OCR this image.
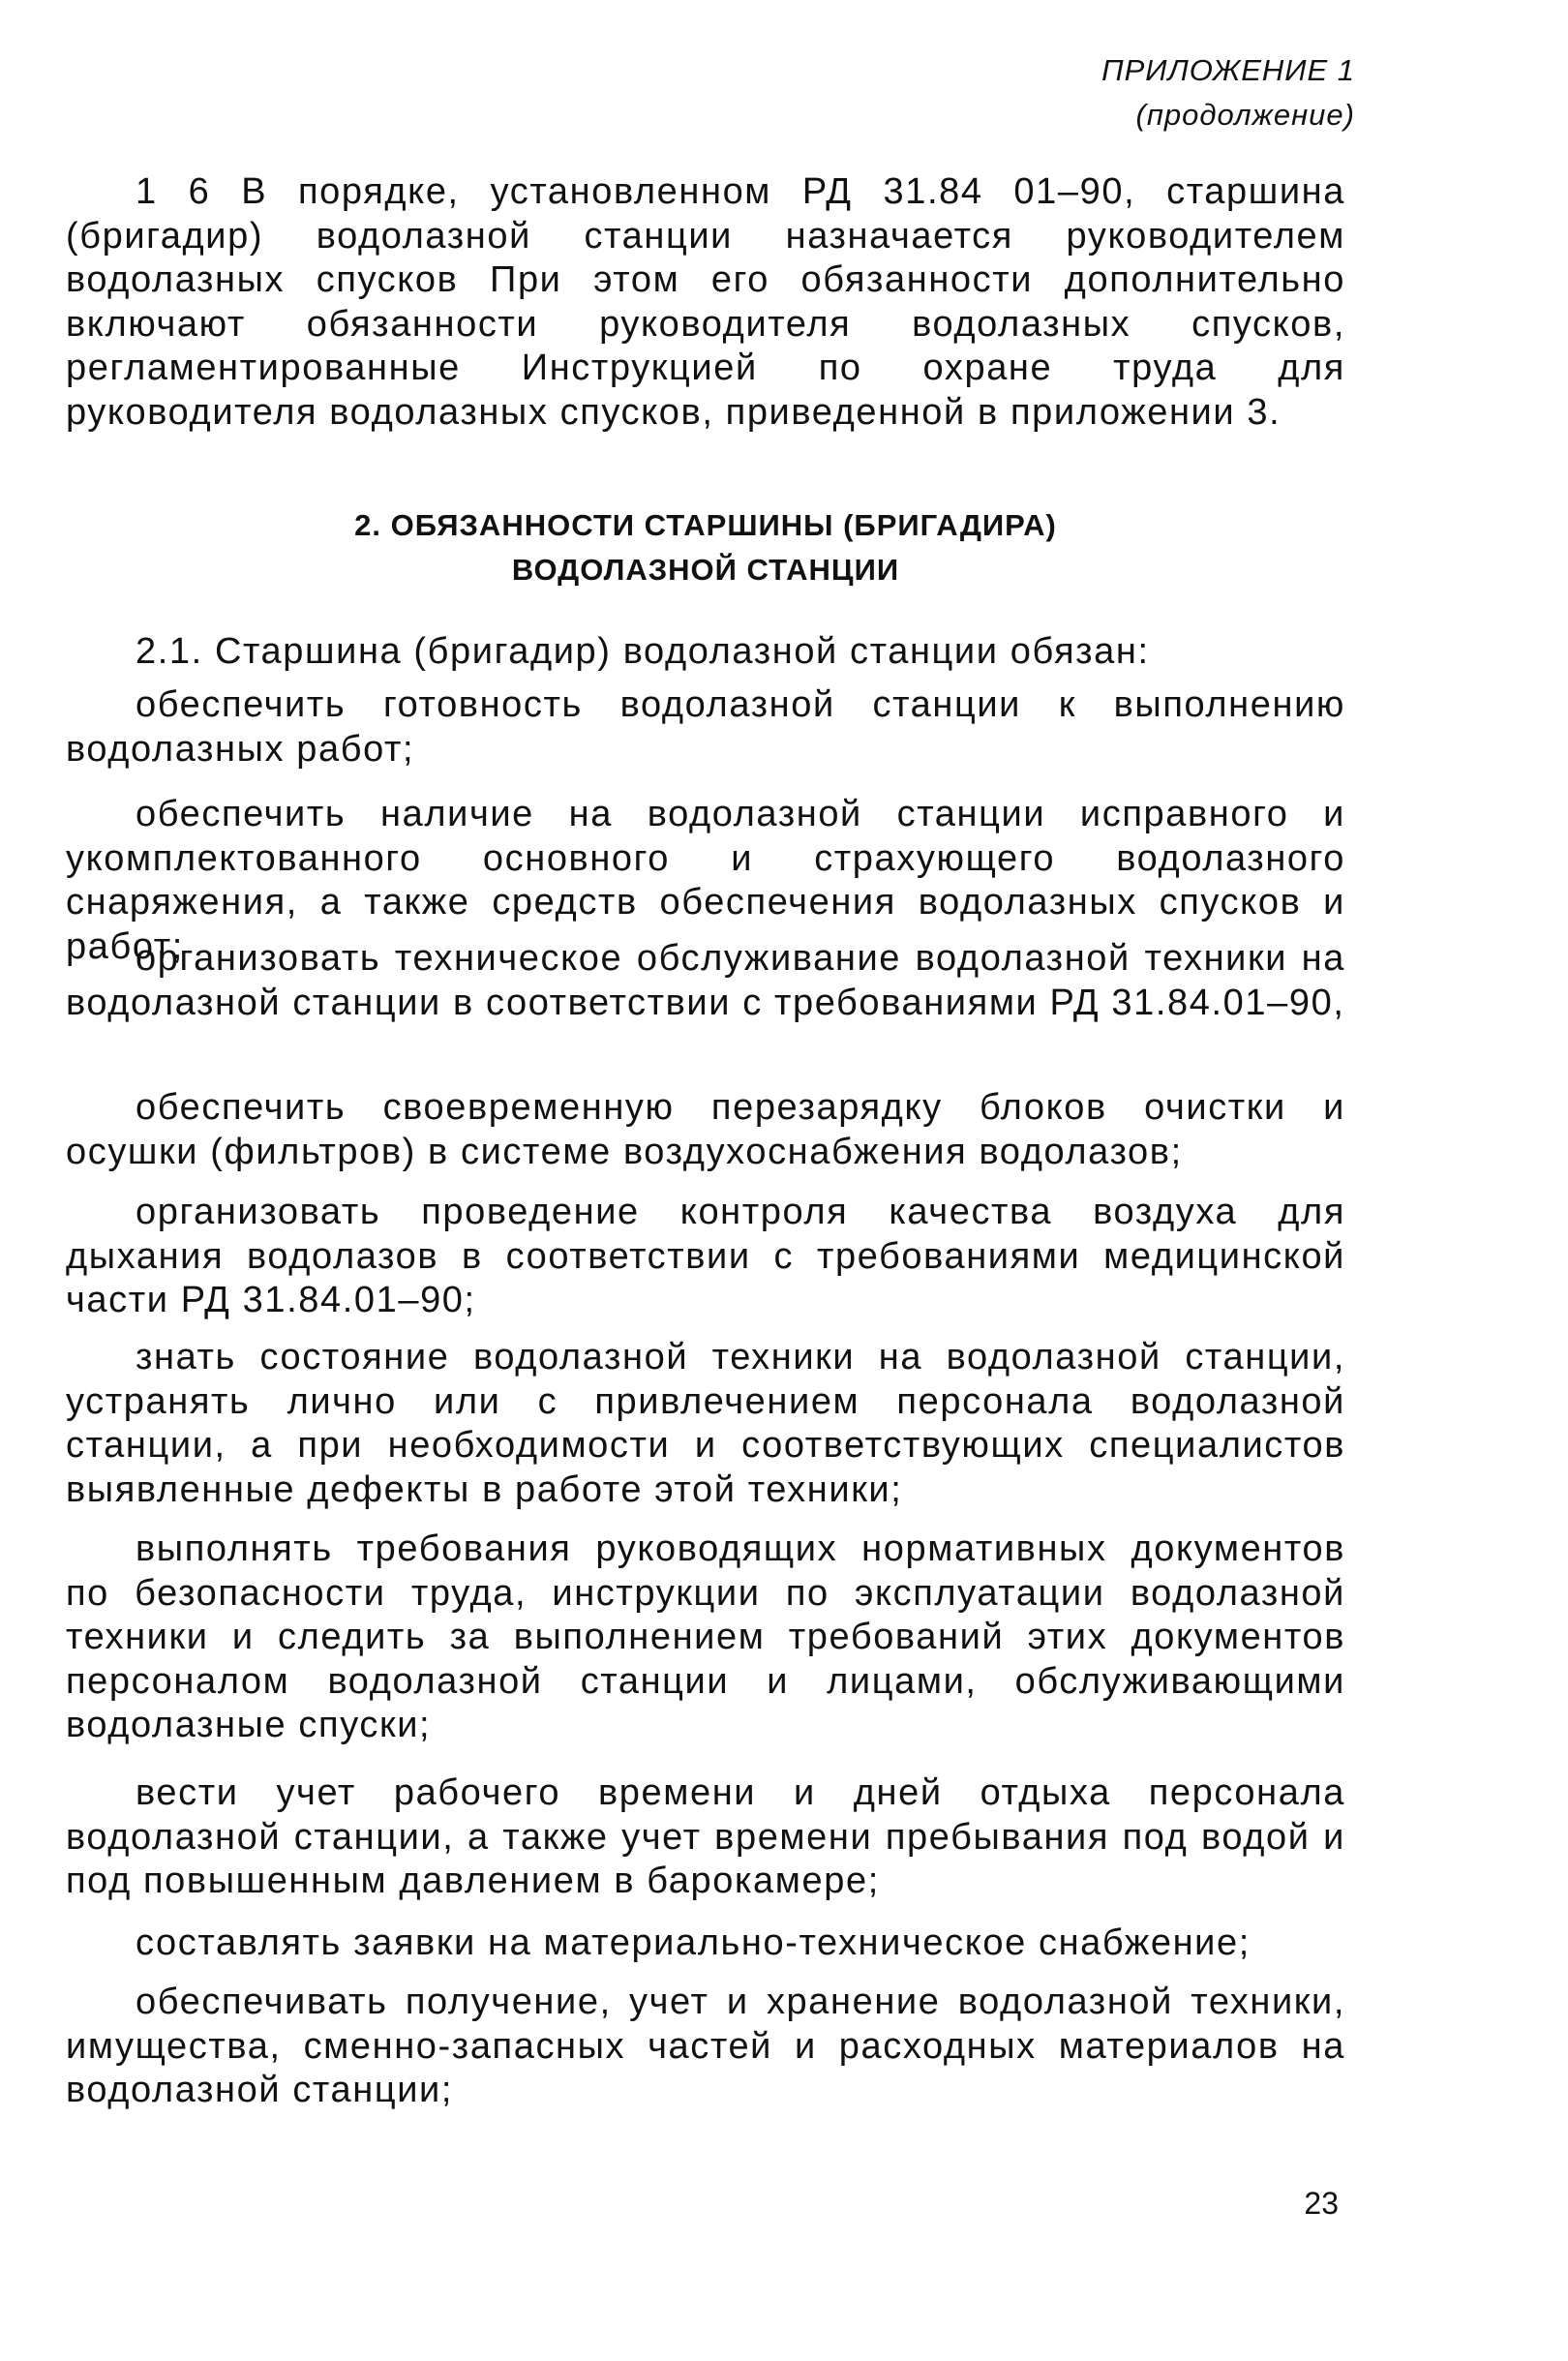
ПРИЛОЖЕНИЕ 1
(продолжение)

1 6 В порядке, установленном РД 31.84 01–90, старшина (бригадир) водолазной станции назначается руководителем водолазных спусков При этом его обязанности дополнительно включают обязанности руководителя водолазных спусков, регламентированные Инструкцией по охране труда для руководителя водолазных спусков, приведенной в приложении 3.

2. ОБЯЗАННОСТИ СТАРШИНЫ (БРИГАДИРА)
ВОДОЛАЗНОЙ СТАНЦИИ

2.1. Старшина (бригадир) водолазной станции обязан:

обеспечить готовность водолазной станции к выполнению водолазных работ;

обеспечить наличие на водолазной станции исправного и укомплектованного основного и страхующего водолазного снаряжения, а также средств обеспечения водолазных спусков и работ;

организовать техническое обслуживание водолазной техники на водолазной станции в соответствии с требованиями РД 31.84.01–90,

обеспечить своевременную перезарядку блоков очистки и осушки (фильтров) в системе воздухоснабжения водолазов;

организовать проведение контроля качества воздуха для дыхания водолазов в соответствии с требованиями медицинской части РД 31.84.01–90;

знать состояние водолазной техники на водолазной станции, устранять лично или с привлечением персонала водолазной станции, а при необходимости и соответствующих специалистов выявленные дефекты в работе этой техники;

выполнять требования руководящих нормативных документов по безопасности труда, инструкции по эксплуатации водолазной техники и следить за выполнением требований этих документов персоналом водолазной станции и лицами, обслуживающими водолазные спуски;

вести учет рабочего времени и дней отдыха персонала водолазной станции, а также учет времени пребывания под водой и под повышенным давлением в барокамере;

составлять заявки на материально-техническое снабжение;

обеспечивать получение, учет и хранение водолазной техники, имущества, сменно-запасных частей и расходных материалов на водолазной станции;

23
